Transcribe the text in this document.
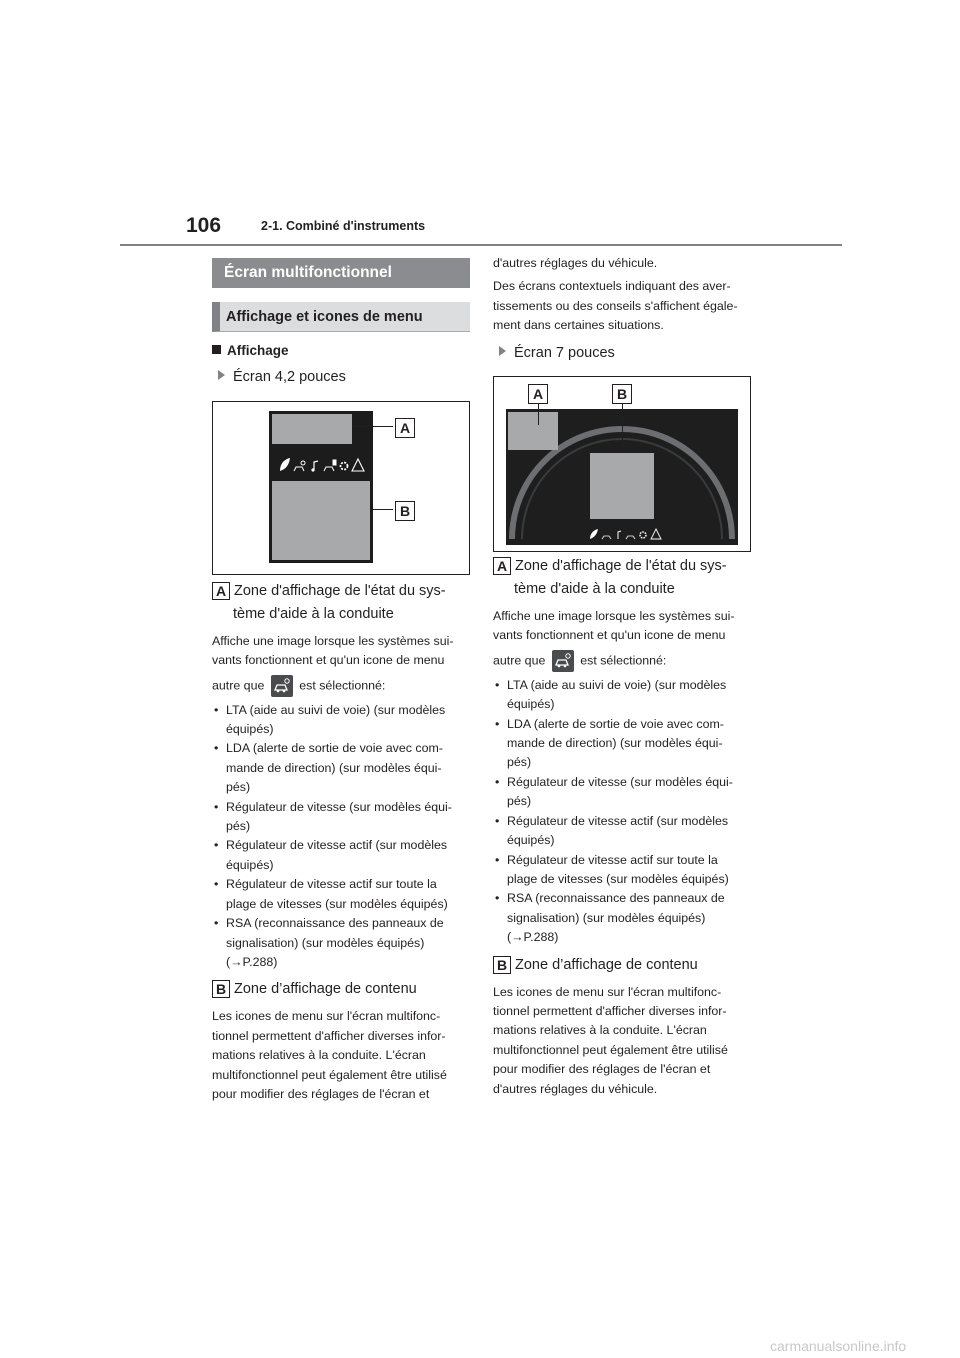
106	2-1. Combiné d'instruments
Écran multifonctionnel
Affichage et icones de menu
Affichage
Écran 4,2 pouces
A Zone d'affichage de l'état du sys-
tème d'aide à la conduite
Affiche une image lorsque les systèmes sui-
vants fonctionnent et qu'un icone de menu
autre que	est sélectionné:
• LTA (aide au suivi de voie) (sur modèles
équipés)
• LDA (alerte de sortie de voie avec com-
mande de direction) (sur modèles équi-
pés)
• Régulateur de vitesse (sur modèles équi-
pés)
• Régulateur de vitesse actif (sur modèles
équipés)
• Régulateur de vitesse actif sur toute la
plage de vitesses (sur modèles équipés)
• RSA (reconnaissance des panneaux de
signalisation) (sur modèles équipés)
(→P.288)
B Zone d’affichage de contenu
Les icones de menu sur l'écran multifonc-
tionnel permettent d'afficher diverses infor-
mations relatives à la conduite. L'écran
multifonctionnel peut également être utilisé
pour modifier des réglages de l'écran et
A
B
d'autres réglages du véhicule.
Des écrans contextuels indiquant des aver-
tissements ou des conseils s'affichent égale-
ment dans certaines situations.
Écran 7 pouces
A Zone d'affichage de l'état du sys-
tème d'aide à la conduite
Affiche une image lorsque les systèmes sui-
vants fonctionnent et qu'un icone de menu
autre que	est sélectionné:
• LTA (aide au suivi de voie) (sur modèles
équipés)
• LDA (alerte de sortie de voie avec com-
mande de direction) (sur modèles équi-
pés)
• Régulateur de vitesse (sur modèles équi-
pés)
• Régulateur de vitesse actif (sur modèles
équipés)
• Régulateur de vitesse actif sur toute la
plage de vitesses (sur modèles équipés)
• RSA (reconnaissance des panneaux de
signalisation) (sur modèles équipés)
(→P.288)
B Zone d’affichage de contenu
Les icones de menu sur l'écran multifonc-
tionnel permettent d'afficher diverses infor-
mations relatives à la conduite. L'écran
multifonctionnel peut également être utilisé
pour modifier des réglages de l'écran et
d'autres réglages du véhicule.
A	B
carmanualsonline.info
